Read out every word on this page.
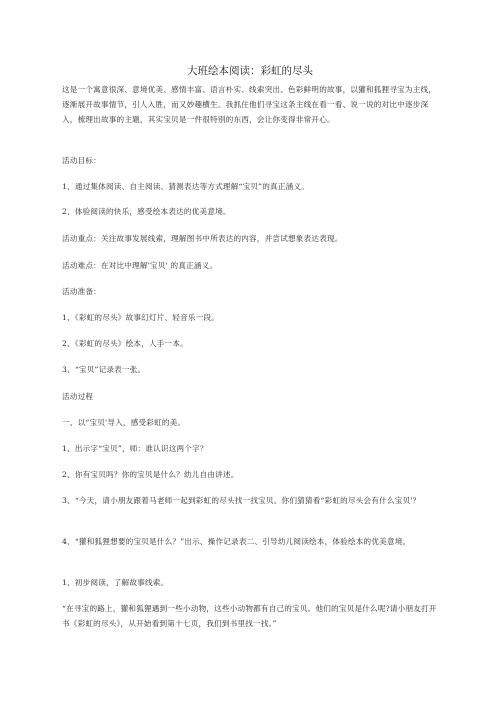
大班绘本阅读：彩虹的尽头
这是一个寓意很深、意境优美、感情丰富、语言朴实、线索突出、色彩鲜明的故事，以獾和狐狸寻宝为主线，逐渐展开故事情节，引人入胜，而又妙趣横生。我抓住他们寻宝这条主线在看一看、说一说的对比中逐步深入，梳理出故事的主题，其实宝贝是一件很特别的东西，会让你变得非常开心。
活动目标：
1、通过集体阅读、自主阅读、猜测表达等方式理解“宝贝”的真正涵义。
2、体验阅读的快乐，感受绘本表达的优美意境。
活动重点：关注故事发展线索，理解图书中所表达的内容，并尝试想象表达表现。
活动难点：在对比中理解'宝贝' 的真正涵义。
活动准备：
1、《彩虹的尽头》故事幻灯片、轻音乐一段。
2、《彩虹的尽头》绘本，人手一本。
3、“宝贝”记录表一张。
活动过程
一、以“宝贝'导入，感受彩虹的美。
1、出示字“宝贝”，师：谁认识这两个字？
2、你有宝贝吗？你的宝贝是什么？幼儿自由讲述。
3、“今天，请小朋友跟着马老师一起到彩虹的尽头找一找宝贝。你们猜猜看“彩虹的尽头会有什么宝贝'？
4、“獾和狐狸想要的宝贝是什么？”出示、操作记录表二、引导幼儿阅读绘本，体验绘本的优美意境。
1、初步阅读，了解故事线索。
“在寻宝的路上，獾和狐狸遇到一些小动物，这些小动物都有自己的宝贝。他们的宝贝是什么呢?请小朋友打开书《彩虹的尽头》，从开始看到第十七页，我们到书里找一找。”
